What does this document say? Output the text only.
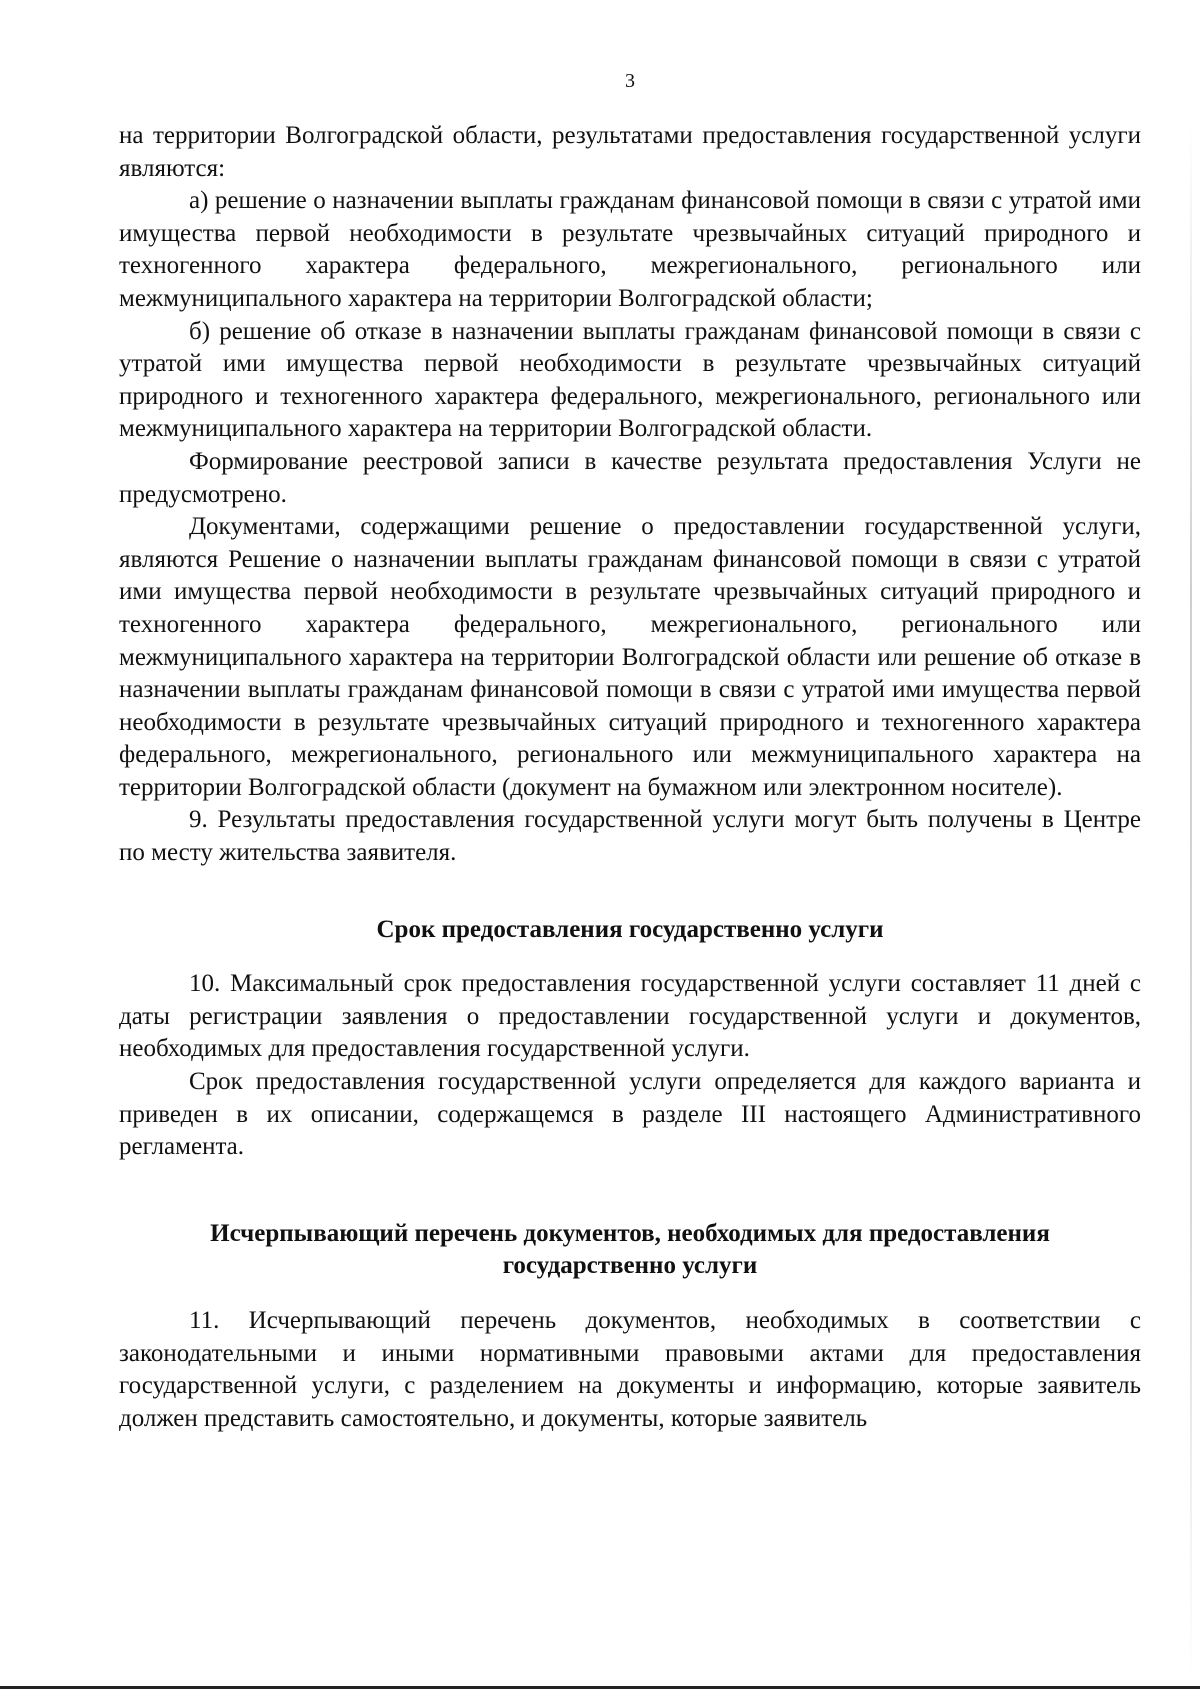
3

на территории Волгоградской области, результатами предоставления государственной услуги являются:

а) решение о назначении выплаты гражданам финансовой помощи в связи с утратой ими имущества первой необходимости в результате чрезвычайных ситуаций природного и техногенного характера федерального, межрегионального, регионального или межмуниципального характера на территории Волгоградской области;

б) решение об отказе в назначении выплаты гражданам финансовой помощи в связи с утратой ими имущества первой необходимости в результате чрезвычайных ситуаций природного и техногенного характера федерального, межрегионального, регионального или межмуниципального характера на территории Волгоградской области.

Формирование реестровой записи в качестве результата предоставления Услуги не предусмотрено.

Документами, содержащими решение о предоставлении государственной услуги, являются Решение о назначении выплаты гражданам финансовой помощи в связи с утратой ими имущества первой необходимости в результате чрезвычайных ситуаций природного и техногенного характера федерального, межрегионального, регионального или межмуниципального характера на территории Волгоградской области или решение об отказе в назначении выплаты гражданам финансовой помощи в связи с утратой ими имущества первой необходимости в результате чрезвычайных ситуаций природного и техногенного характера федерального, межрегионального, регионального или межмуниципального характера на территории Волгоградской области (документ на бумажном или электронном носителе).

9. Результаты предоставления государственной услуги могут быть получены в Центре по месту жительства заявителя.

Срок предоставления государственно услуги

10. Максимальный срок предоставления государственной услуги составляет 11 дней с даты регистрации заявления о предоставлении государственной услуги и документов, необходимых для предоставления государственной услуги.

Срок предоставления государственной услуги определяется для каждого варианта и приведен в их описании, содержащемся в разделе III настоящего Административного регламента.

Исчерпывающий перечень документов, необходимых для предоставления
государственно услуги

11. Исчерпывающий перечень документов, необходимых в соответствии с законодательными и иными нормативными правовыми актами для предоставления государственной услуги, с разделением на документы и информацию, которые заявитель должен представить самостоятельно, и документы, которые заявитель
